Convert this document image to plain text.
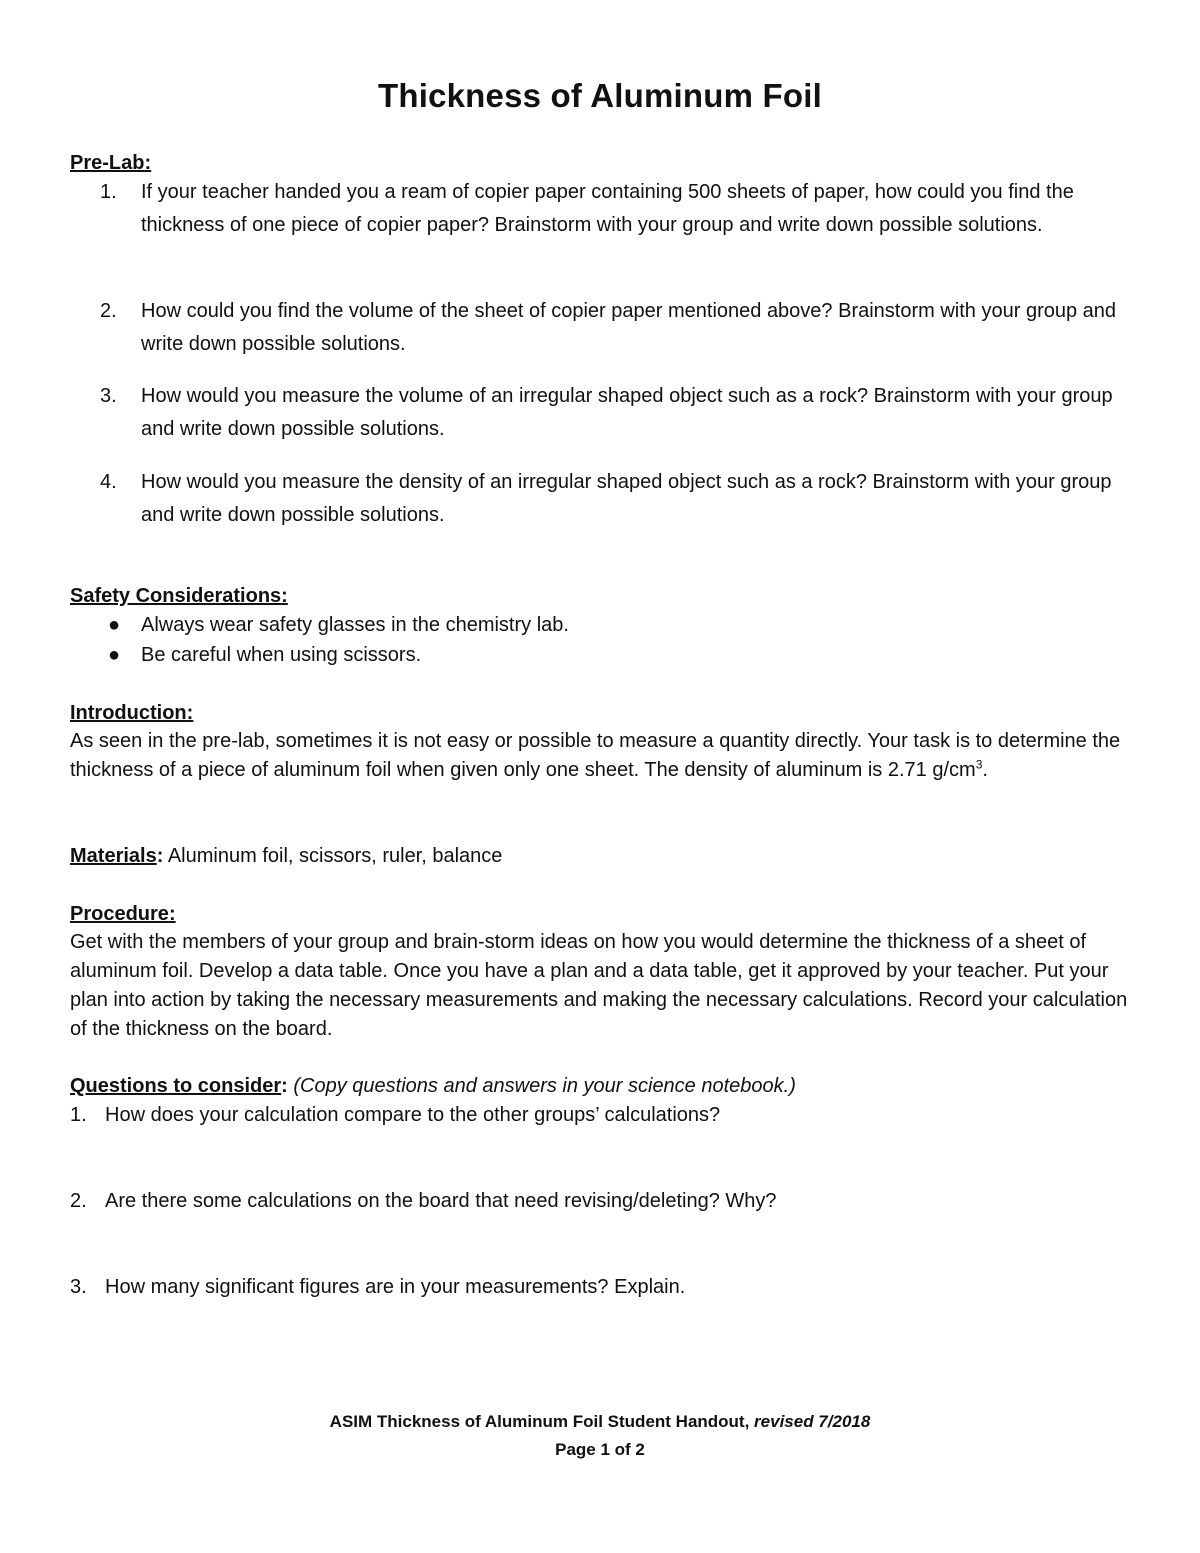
Thickness of Aluminum Foil
Pre-Lab:
1. If your teacher handed you a ream of copier paper containing 500 sheets of paper, how could you find the thickness of one piece of copier paper? Brainstorm with your group and write down possible solutions.
2. How could you find the volume of the sheet of copier paper mentioned above? Brainstorm with your group and write down possible solutions.
3. How would you measure the volume of an irregular shaped object such as a rock? Brainstorm with your group and write down possible solutions.
4. How would you measure the density of an irregular shaped object such as a rock? Brainstorm with your group and write down possible solutions.
Safety Considerations:
● Always wear safety glasses in the chemistry lab.
● Be careful when using scissors.
Introduction:
As seen in the pre-lab, sometimes it is not easy or possible to measure a quantity directly. Your task is to determine the thickness of a piece of aluminum foil when given only one sheet. The density of aluminum is 2.71 $g/cm^3$.
Materials: Aluminum foil, scissors, ruler, balance
Procedure:
Get with the members of your group and brain-storm ideas on how you would determine the thickness of a sheet of aluminum foil. Develop a data table. Once you have a plan and a data table, get it approved by your teacher. Put your plan into action by taking the necessary measurements and making the necessary calculations. Record your calculation of the thickness on the board.
Questions to consider: (Copy questions and answers in your science notebook.)
1. How does your calculation compare to the other groups’ calculations?
2. Are there some calculations on the board that need revising/deleting? Why?
3. How many significant figures are in your measurements? Explain.
ASIM Thickness of Aluminum Foil Student Handout, revised 7/2018
Page 1 of 2
